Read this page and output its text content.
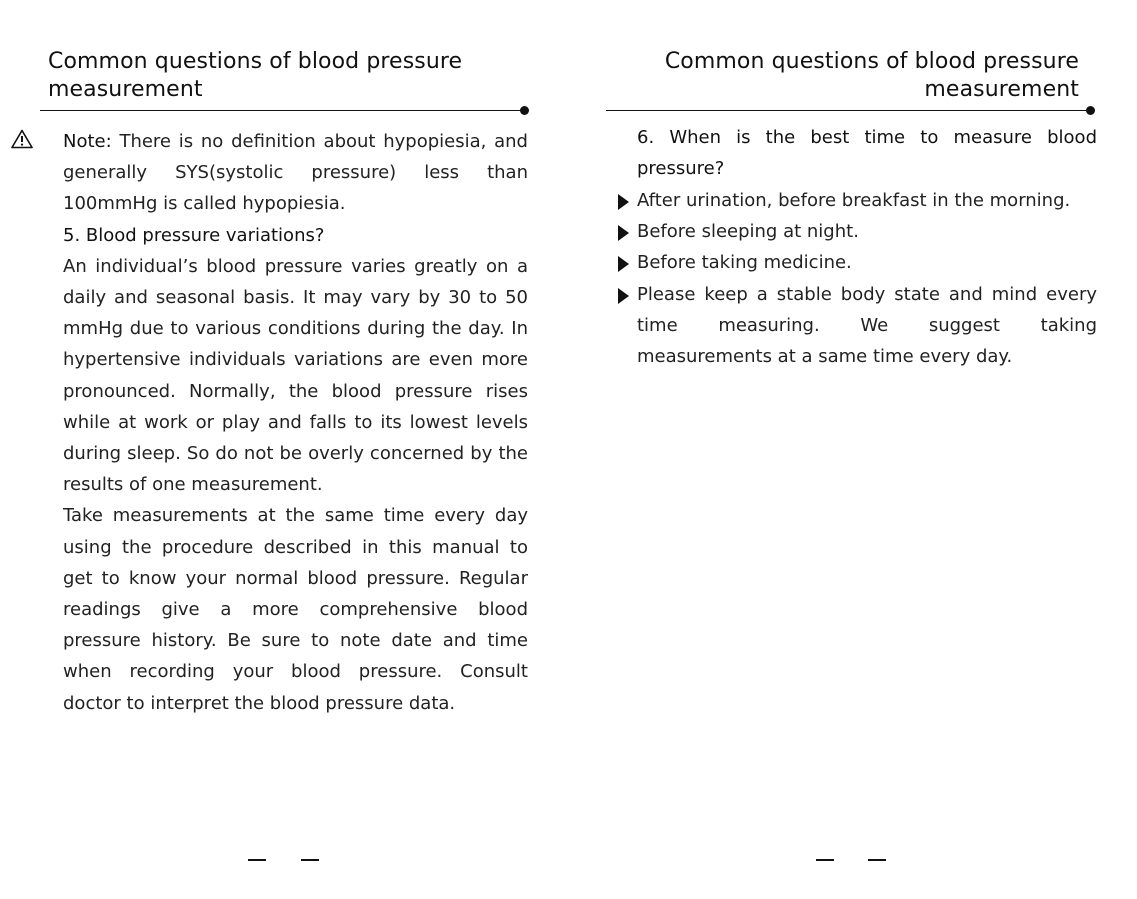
Common questions of blood pressure measurement

Note: There is no definition about hypopiesia, and generally SYS(systolic pressure) less than 100mmHg is called hypopiesia.

5. Blood pressure variations?

An individual’s blood pressure varies greatly on a daily and seasonal basis. It may vary by 30 to 50 mmHg due to various conditions during the day. In hypertensive individuals variations are even more pronounced. Normally, the blood pressure rises while at work or play and falls to its lowest levels during sleep. So do not be overly concerned by the results of one measurement.

Take measurements at the same time every day using the procedure described in this manual to get to know your normal blood pressure. Regular readings give a more comprehensive blood pressure history. Be sure to note date and time when recording your blood pressure. Consult doctor to interpret the blood pressure data.

Common questions of blood pressure measurement

6. When is the best time to measure blood pressure?

After urination, before breakfast in the morning.
Before sleeping at night.
Before taking medicine.
Please keep a stable body state and mind every time measuring. We suggest taking measurements at a same time every day.
